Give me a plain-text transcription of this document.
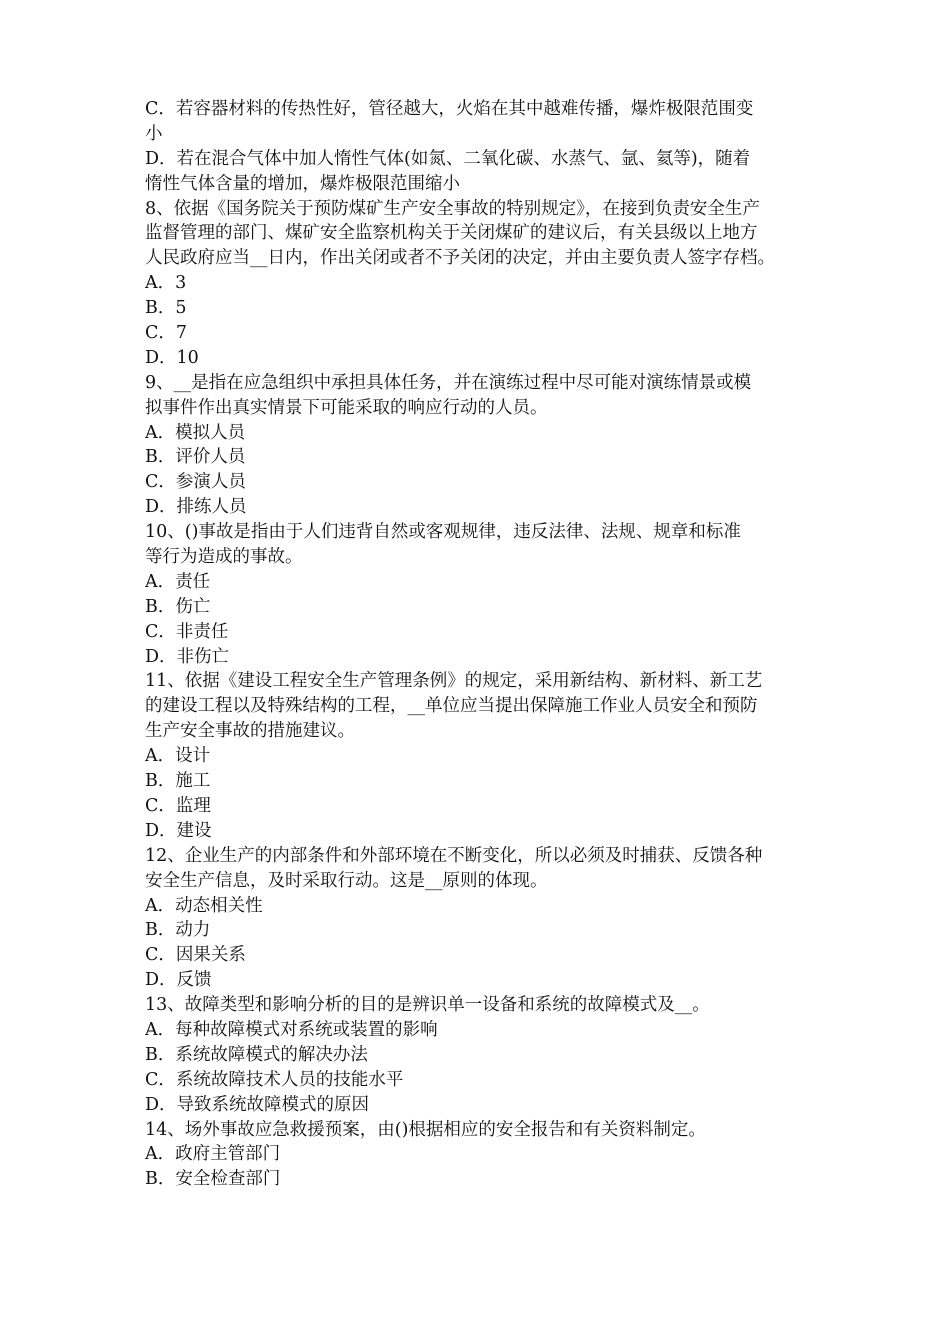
C．若容器材料的传热性好，管径越大，火焰在其中越难传播，爆炸极限范围变
小
D．若在混合气体中加人惰性气体(如氮、二氧化碳、水蒸气、氩、氦等)，随着
惰性气体含量的增加，爆炸极限范围缩小
8、依据《国务院关于预防煤矿生产安全事故的特别规定》，在接到负责安全生产
监督管理的部门、煤矿安全监察机构关于关闭煤矿的建议后，有关县级以上地方
人民政府应当__日内，作出关闭或者不予关闭的决定，并由主要负责人签字存档。
A．3
B．5
C．7
D．10
9、__是指在应急组织中承担具体任务，并在演练过程中尽可能对演练情景或模
拟事件作出真实情景下可能采取的响应行动的人员。
A．模拟人员
B．评价人员
C．参演人员
D．排练人员
10、()事故是指由于人们违背自然或客观规律，违反法律、法规、规章和标准
等行为造成的事故。
A．责任
B．伤亡
C．非责任
D．非伤亡
11、依据《建设工程安全生产管理条例》的规定，采用新结构、新材料、新工艺
的建设工程以及特殊结构的工程，__单位应当提出保障施工作业人员安全和预防
生产安全事故的措施建议。
A．设计
B．施工
C．监理
D．建设
12、企业生产的内部条件和外部环境在不断变化，所以必须及时捕获、反馈各种
安全生产信息，及时采取行动。这是__原则的体现。
A．动态相关性
B．动力
C．因果关系
D．反馈
13、故障类型和影响分析的目的是辨识单一设备和系统的故障模式及__。
A．每种故障模式对系统或装置的影响
B．系统故障模式的解决办法
C．系统故障技术人员的技能水平
D．导致系统故障模式的原因
14、场外事故应急救援预案，由()根据相应的安全报告和有关资料制定。
A．政府主管部门
B．安全检查部门
